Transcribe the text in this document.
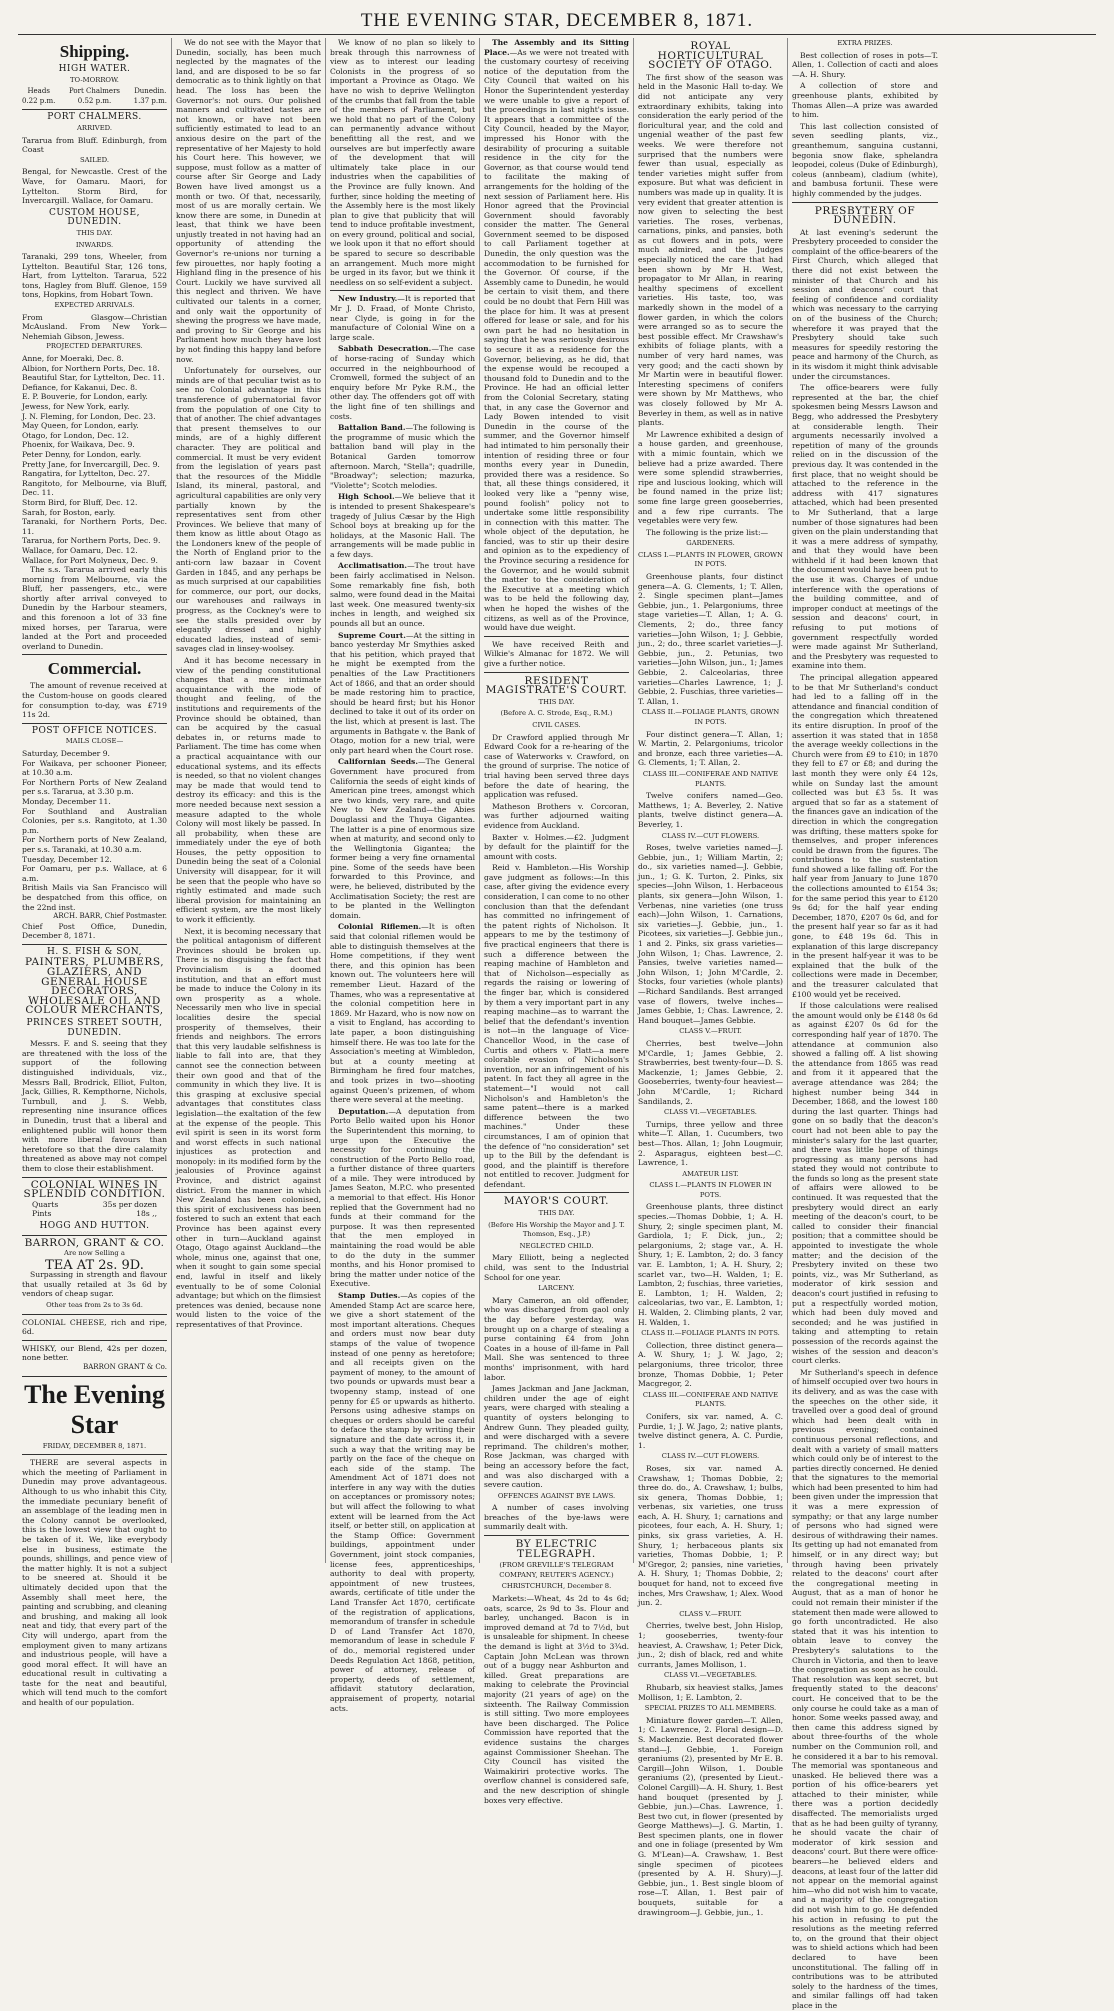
THE EVENING STAR, DECEMBER 8, 1871.
Shipping.
HIGH WATER.
TO-MORROW.
Heads
0.22 p.m.
Port Chalmers
0.52 p.m.
Dunedin.
1.37 p.m.
PORT CHALMERS.
ARRIVED.
Tararua from Bluff. Edinburgh, from Coast
SAILED.
Bengal, for Newcastle. Crest of the Wave, for Oamaru. Maori, for Lyttelton. Storm Bird, for Invercargill. Wallace, for Oamaru.
CUSTOM HOUSE, DUNEDIN.
THIS DAY.
INWARDS.
Taranaki, 299 tons, Wheeler, from Lyttelton. Beautiful Star, 126 tons, Hart, from Lyttelton. Tararua, 522 tons, Hagley from Bluff. Glenoe, 159 tons, Hopkins, from Hobart Town.
EXPECTED ARRIVALS.
From Glasgow—Christian McAusland. From New York—Nehemiah Gibson, Jewess.
PROJECTED DEPARTURES.
Anne, for Moeraki, Dec. 8.
Albion, for Northern Ports, Dec. 18.
Beautiful Star, for Lyttelton, Dec. 11.
Defiance, for Kakanui, Dec. 8.
E. P. Bouverie, for London, early.
Jewess, for New York, early.
J. N. Fleming, for London, Dec. 23.
May Queen, for London, early.
Otago, for London, Dec. 12.
Phoenix, for Waikava, Dec. 9.
Peter Denny, for London, early.
Pretty Jane, for Invercargill, Dec. 9.
Rangatira, for Lyttelton, Dec. 27.
Rangitoto, for Melbourne, via Bluff, Dec. 11.
Storm Bird, for Bluff, Dec. 12.
Sarah, for Boston, early.
Taranaki, for Northern Ports, Dec. 11.
Tararua, for Northern Ports, Dec. 9.
Wallace, for Oamaru, Dec. 12.
Wallace, for Port Molyneux, Dec. 9.

The s.s. Tararua arrived early this morning from Melbourne, via the Bluff, her passengers, etc., were shortly after arrival conveyed to Dunedin by the Harbour steamers, and this forenoon a lot of 33 fine mixed horses, per Tararua, were landed at the Port and proceeded overland to Dunedin.

Commercial.

The amount of revenue received at the Custom-house on goods cleared for consumption to-day, was £719 11s 2d.

POST OFFICE NOTICES.
MAILS CLOSE—
Saturday, December 9.
For Waikava, per schooner Pioneer, at 10.30 a.m.
For Northern Ports of New Zealand per s.s. Tararua, at 3.30 p.m.
Monday, December 11.
For Southland and Australian Colonies, per s.s. Rangitoto, at 1.30 p.m.
For Northern ports of New Zealand, per s.s. Taranaki, at 10.30 a.m.
Tuesday, December 12.
For Oamaru, per p.s. Wallace, at 6 a.m.
British Mails via San Francisco will be despatched from this office, on the 22nd inst.
ARCH. BARR, Chief Postmaster.
Chief Post Office, Dunedin, December 8, 1871.
H. S. FISH & SON,
PAINTERS, PLUMBERS, GLAZIERS, AND GENERAL HOUSE DECORATORS, WHOLESALE OIL AND COLOUR MERCHANTS,
PRINCES STREET SOUTH, DUNEDIN.

Messrs. F. and S. seeing that they are threatened with the loss of the support of the following distinguished individuals, viz., Messrs Ball, Brodrick, Elliot, Fulton, Jack, Gillies, R. Kempthorne, Nichols, Turnbull, and J. S. Webb, representing nine insurance offices in Dunedin, trust that a liberal and enlightened public will honor them with more liberal favours than heretofore so that the dire calamity threatened as above may not compel them to close their establishment.

COLONIAL WINES IN SPLENDID CONDITION.
Quarts	35s per dozen
Pints	18s ,,
HOGG AND HUTTON.
BARRON, GRANT & CO.
Are now Selling a
TEA AT 2s. 9D.

Surpassing in strength and flavour that usually retailed at 3s 6d by vendors of cheap sugar.

Other teas from 2s to 3s 6d.
COLONIAL CHEESE, rich and ripe, 6d.
WHISKY, our Blend, 42s per dozen, none better.
BARRON GRANT & Co.
The Evening Star
FRIDAY, DECEMBER 8, 1871.

THERE are several aspects in which the meeting of Parliament in Dunedin may prove advantageous. Although to us who inhabit this City, the immediate pecuniary benefit of an assemblage of the leading men in the Colony cannot be overlooked, this is the lowest view that ought to be taken of it. We, like everybody else in business, estimate the pounds, shillings, and pence view of the matter highly. It is not a subject to be sneered at. Should it be ultimately decided upon that the Assembly shall meet here, the painting and scrubbing, and cleaning and brushing, and making all look neat and tidy, that every part of the City will undergo, apart from the employment given to many artizans and industrious people, will have a good moral effect. It will have an educational result in cultivating a taste for the neat and beautiful, which will tend much to the comfort and health of our population.

We do not see with the Mayor that Dunedin, socially, has been much neglected by the magnates of the land, and are disposed to be so far democratic as to think lightly on that head. The loss has been the Governor's: not ours. Our polished manners and cultivated tastes are not known, or have not been sufficiently estimated to lead to an anxious desire on the part of the representative of her Majesty to hold his Court here. This however, we suppose, must follow as a matter of course after Sir George and Lady Bowen have lived amongst us a month or two. Of that, necessarily, most of us are morally certain. We know there are some, in Dunedin at least, that think we have been unjustly treated in not having had an opportunity of attending the Governor's re-unions nor turning a few pirouettes, nor haply footing a Highland fling in the presence of his Court. Luckily we have survived all this neglect and thriven. We have cultivated our talents in a corner, and only wait the opportunity of shewing the progress we have made, and proving to Sir George and his Parliament how much they have lost by not finding this happy land before now.

Unfortunately for ourselves, our minds are of that peculiar twist as to see no Colonial advantage in this transference of gubernatorial favor from the population of one City to that of another. The chief advantages that present themselves to our minds, are of a highly different character. They are political and commercial. It must be very evident from the legislation of years past that the resources of the Middle Island, its mineral, pastoral, and agricultural capabilities are only very partially known by the representatives sent from other Provinces. We believe that many of them know as little about Otago as the Londoners knew of the people of the North of England prior to the anti-corn law bazaar in Covent Garden in 1845, and any perhaps be as much surprised at our capabilities for commerce, our port, our docks, our warehouses and railways in progress, as the Cockney's were to see the stalls presided over by elegantly dressed and highly educated ladies, instead of semi-savages clad in linsey-woolsey.

And it has become necessary in view of the pending constitutional changes that a more intimate acquaintance with the mode of thought and feeling, of the institutions and requirements of the Province should be obtained, than can be acquired by the casual debates in, or returns made to Parliament. The time has come when a practical acquaintance with our educational systems, and its effects is needed, so that no violent changes may be made that would tend to destroy its efficacy: and this is the more needed because next session a measure adapted to the whole Colony will most likely be passed. In all probability, when these are immediately under the eye of both Houses, the petty opposition to Dunedin being the seat of a Colonial University will disappear, for it will be seen that the people who have so rightly estimated and made such liberal provision for maintaining an efficient system, are the most likely to work it efficiently.

Next, it is becoming necessary that the political antagonism of different Provinces should be broken up. There is no disguising the fact that Provincialism is a doomed institution, and that an effort must be made to induce the Colony in its own prosperity as a whole. Necessarily men who live in special localities desire the special prosperity of themselves, their friends and neighbors. The errors that this very laudable selfishness is liable to fall into are, that they cannot see the connection between their own good and that of the community in which they live. It is this grasping at exclusive special advantages that constitutes class legislation—the exaltation of the few at the expense of the people. This evil spirit is seen in its worst form and worst effects in such national injustices as protection and monopoly: in its modified form by the jealousies of Province against Province, and district against district. From the manner in which New Zealand has been colonised, this spirit of exclusiveness has been fostered to such an extent that each Province has been against every other in turn—Auckland against Otago, Otago against Auckland—the whole, minus one, against that one, when it sought to gain some special end, lawful in itself and likely eventually to be of some Colonial advantage; but which on the flimsiest pretences was denied, because none would listen to the voice of the representatives of that Province.

We know of no plan so likely to break through this narrowness of view as to interest our leading Colonists in the progress of so important a Province as Otago. We have no wish to deprive Wellington of the crumbs that fall from the table of the members of Parliament, but we hold that no part of the Colony can permanently advance without benefitting all the rest, and we ourselves are but imperfectly aware of the development that will ultimately take place in our industries when the capabilities of the Province are fully known. And further, since holding the meeting of the Assembly here is the most likely plan to give that publicity that will tend to induce profitable investment, on every ground, political and social, we look upon it that no effort should be spared to secure so describable an arrangement. Much more might be urged in its favor, but we think it needless on so self-evident a subject.

New Industry.—It is reported that Mr J. D. Fraad, of Monte Christo, near Clyde, is going in for the manufacture of Colonial Wine on a large scale.

Sabbath Desecration.—The case of horse-racing of Sunday which occurred in the neighbourhood of Cromwell, formed the subject of an enquiry before Mr Pyke R.M., the other day. The offenders got off with the light fine of ten shillings and costs.

Battalion Band.—The following is the programme of music which the battalion band will play in the Botanical Garden tomorrow afternoon. March, "Stella"; quadrille, "Broadway"; selection; mazurka, "Violette"; Scotch melodies.

High School.—We believe that it is intended to present Shakespeare's tragedy of Julius Cæsar by the High School boys at breaking up for the holidays, at the Masonic Hall. The arrangements will be made public in a few days.

Acclimatisation.—The trout have been fairly acclimatised in Nelson. Some remarkably fine fish, both salmo, were found dead in the Maitai last week. One measured twenty-six inches in length, and weighed six pounds all but an ounce.

Supreme Court.—At the sitting in banco yesterday Mr Smythies asked that his petition, which prayed that he might be exempted from the penalties of the Law Practitioners Act of 1866, and that an order should be made restoring him to practice, should be heard first; but his Honor declined to take it out of its order on the list, which at present is last. The arguments in Bathgate v. the Bank of Otago, motion for a new trial, were only part heard when the Court rose.

Californian Seeds.—The General Government have procured from California the seeds of eight kinds of American pine trees, amongst which are two kinds, very rare, and quite New to New Zealand—the Abies Douglassi and the Thuya Gigantea. The latter is a pine of enormous size when at maturity, and second only to the Wellingtonia Gigantea; the former being a very fine ornamental pine. Some of the seeds have been forwarded to this Province, and were, he believed, distributed by the Acclimatisation Society; the rest are to be planted in the Wellington domain.

Colonial Riflemen.—It is often said that colonial riflemen would be able to distinguish themselves at the Home competitions, if they went there, and this opinion has been known out. The volunteers here will remember Lieut. Hazard of the Thames, who was a representative at the colonial competition here in 1869. Mr Hazard, who is now now on a visit to England, has according to late paper, a boon distinguishing himself there. He was too late for the Association's meeting at Wimbledon, but at a county meeting at Birmingham he fired four matches, and took prizes in two—shooting against Queen's prizemen, of whom there were several at the meeting.

Deputation.—A deputation from Porto Bello waited upon his Honor the Superintendent this morning, to urge upon the Executive the necessity for continuing the construction of the Porto Bello road, a further distance of three quarters of a mile. They were introduced by James Seaton, M.P.C. who presented a memorial to that effect. His Honor replied that the Government had no funds at their command for the purpose. It was then represented that the men employed in maintaining the road would be able to do the duty in the summer months, and his Honor promised to bring the matter under notice of the Executive.

Stamp Duties.—As copies of the Amended Stamp Act are scarce here, we give a short statement of the most important alterations. Cheques and orders must now bear duty stamps of the value of twopence instead of one penny as heretofore; and all receipts given on the payment of money, to the amount of two pounds or upwards must bear a twopenny stamp, instead of one penny for £5 or upwards as hitherto. Persons using adhesive stamps on cheques or orders should be careful to deface the stamp by writing their signature and the date across it, in such a way that the writing may be partly on the face of the cheque on each side of the stamp. The Amendment Act of 1871 does not interfere in any way with the duties on acceptances or promissory notes; but will affect the following to what extent will be learned from the Act itself, or better still, on application at the Stamp Office: Government buildings, appointment under Government, joint stock companies, license fees, apprenticeships, authority to deal with property, appointment of new trustees, awards, certificate of title under the Land Transfer Act 1870, certificate of the registration of applications, memorandum of transfer in schedule D of Land Transfer Act 1870, memorandum of lease in schedule F of do., memorial registered under Deeds Regulation Act 1868, petition, power of attorney, release of property, deeds of settlement, affidavit statutory declaration, appraisement of property, notarial acts.

The Assembly and its Sitting Place.—As we were not treated with the customary courtesy of receiving notice of the deputation from the City Council that waited on his Honor the Superintendent yesterday we were unable to give a report of the proceedings in last night's issue. It appears that a committee of the City Council, headed by the Mayor, impressed his Honor with the desirability of procuring a suitable residence in the city for the Governor, as that course would tend to facilitate the making of arrangements for the holding of the next session of Parliament here. His Honor agreed that the Provincial Government should favorably consider the matter. The General Government seemed to be disposed to call Parliament together at Dunedin, the only question was the accommodation to be furnished for the Governor. Of course, if the Assembly came to Dunedin, he would be certain to visit them, and there could be no doubt that Fern Hill was the place for him. It was at present offered for lease or sale, and for his own part he had no hesitation in saying that he was seriously desirous to secure it as a residence for the Governor, believing, as he did, that the expense would be recouped a thousand fold to Dunedin and to the Province. He had an official letter from the Colonial Secretary, stating that, in any case the Governor and Lady Bowen intended to visit Dunedin in the course of the summer, and the Governor himself had intimated to him personally their intention of residing three or four months every year in Dunedin, provided there was a residence. So that, all these things considered, it looked very like a "penny wise, pound foolish" policy not to undertake some little responsibility in connection with this matter. The whole object of the deputation, he fancied, was to stir up their desire and opinion as to the expediency of the Province securing a residence for the Governor, and he would submit the matter to the consideration of the Executive at a meeting which was to be held the following day, when he hoped the wishes of the citizens, as well as of the Province, would have due weight.

We have received Reith and Wilkie's Almanac for 1872. We will give a further notice.

RESIDENT MAGISTRATE'S COURT.
THIS DAY.
(Before A. C. Strode, Esq., R.M.)
CIVIL CASES.

Dr Crawford applied through Mr Edward Cook for a re-hearing of the case of Waterworks v. Crawford, on the ground of surprise. The notice of trial having been served three days before the date of hearing, the application was refused.

Matheson Brothers v. Corcoran, was further adjourned waiting evidence from Auckland.

Baxter v. Holmes.—£2. Judgment by default for the plaintiff for the amount with costs.

Reid v. Hambleton.—His Worship gave judgment as follows:—In this case, after giving the evidence every consideration, I can come to no other conclusion than that the defendant has committed no infringement of the patent rights of Nicholson. It appears to me by the testimony of five practical engineers that there is such a difference between the reaping machine of Hambleton and that of Nicholson—especially as regards the raising or lowering of the finger bar, which is considered by them a very important part in any reaping machine—as to warrant the belief that the defendant's invention is not—in the language of Vice-Chancellor Wood, in the case of Curtis and others v. Platt—a mere colorable evasion of Nicholson's invention, nor an infringement of his patent. In fact they all agree in the statement—"I would not call Nicholson's and Hambleton's the same patent—there is a marked difference between the two machines." Under these circumstances, I am of opinion that the defence of "no consideration" set up to the Bill by the defendant is good, and the plaintiff is therefore not entitled to recover. Judgment for defendant.

MAYOR'S COURT.
THIS DAY.
(Before His Worship the Mayor and J. T. Thomson, Esq., J.P.)
NEGLECTED CHILD.

Mary Elliott, being a neglected child, was sent to the Industrial School for one year.

LARCENY.

Mary Cameron, an old offender, who was discharged from gaol only the day before yesterday, was brought up on a charge of stealing a purse containing £4 from John Coates in a house of ill-fame in Pall Mall. She was sentenced to three months' imprisonment, with hard labor.

James Jackman and Jane Jackman, children under the age of eight years, were charged with stealing a quantity of oysters belonging to Andrew Gunn. They pleaded guilty, and were discharged with a severe reprimand. The children's mother, Rose Jackman, was charged with being an accessory before the fact, and was also discharged with a severe caution.

OFFENCES AGAINST BYE LAWS.

A number of cases involving breaches of the bye-laws were summarily dealt with.

BY ELECTRIC TELEGRAPH.
(FROM GREVILLE'S TELEGRAM COMPANY, REUTER'S AGENCY.)
CHRISTCHURCH, December 8.

Markets:—Wheat, 4s 2d to 4s 6d; oats, scarce, 2s 9d to 3s. Flour and barley, unchanged. Bacon is in improved demand at 7d to 7½d, but is unsaleable for shipment. In cheese the demand is light at 3½d to 3¾d. Captain John McLean was thrown out of a buggy near Ashburton and killed. Great preparations are making to celebrate the Provincial majority (21 years of age) on the sixteenth. The Railway Commission is still sitting. Two more employees have been discharged. The Police Commission have reported that the evidence sustains the charges against Commissioner Sheehan. The City Council has visited the Waimakiriri protective works. The overflow channel is considered safe, and the new description of shingle boxes very effective.

ROYAL HORTICULTURAL SOCIETY OF OTAGO.

The first show of the season was held in the Masonic Hall to-day. We did not anticipate any very extraordinary exhibits, taking into consideration the early period of the floricultural year, and the cold and ungenial weather of the past few weeks. We were therefore not surprised that the numbers were fewer than usual, especially as tender varieties might suffer from exposure. But what was deficient in numbers was made up in quality. It is very evident that greater attention is now given to selecting the best varieties. The roses, verbenas, carnations, pinks, and pansies, both as cut flowers and in pots, were much admired, and the Judges especially noticed the care that had been shown by Mr H. West, propagator to Mr Allan, in rearing healthy specimens of excellent varieties. His taste, too, was markedly shown in the model of a flower garden, in which the colors were arranged so as to secure the best possible effect. Mr Crawshaw's exhibits of foliage plants, with a number of very hard names, was very good; and the cacti shown by Mr Martin were in beautiful flower. Interesting specimens of conifers were shown by Mr Matthews, who was closely followed by Mr A. Beverley in them, as well as in native plants.

Mr Lawrence exhibited a design of a house garden, and greenhouse, with a mimic fountain, which we believe had a prize awarded. There were some splendid strawberries, ripe and luscious looking, which will be found named in the prize list; some fine large green gooseberries, and a few ripe currants. The vegetables were very few.

The following is the prize list:—

GARDENERS.
CLASS I.—PLANTS IN FLOWER, GROWN IN POTS.

Greenhouse plants, four distinct genera—A. G. Clements, 1; T. Allen, 2. Single specimen plant—James Gebbie, jun., 1. Pelargoniums, three stage varieties—T. Allan, 1; A. G. Clements, 2; do., three fancy varieties—John Wilson, 1; J. Gebbie, jun., 2; do., three scarlet varieties—J. Gebbie, jun., 2. Petunias, two varieties—John Wilson, jun., 1; James Gebbie, 2. Calceolarias, three varieties—Charles Lawrence, 1; J. Gebbie, 2. Fuschias, three varieties—T. Allan, 1.

CLASS II.—FOLIAGE PLANTS, GROWN IN POTS.

Four distinct genera—T. Allan, 1; W. Martin, 2. Pelargoniums, tricolor and bronze, each three varieties—A. G. Clements, 1; T. Allan, 2.

CLASS III.—CONIFERAE AND NATIVE PLANTS.

Twelve conifers named—Geo. Matthews, 1; A. Beverley, 2. Native plants, twelve distinct genera—A. Beverley, 1.

CLASS IV.—CUT FLOWERS.

Roses, twelve varieties named—J. Gebbie, jun., 1; William Martin, 2; do., six varieties named—J. Gebbie, jun., 1; G. K. Turton, 2. Pinks, six species—John Wilson, 1. Herbaceous plants, six genera—John Wilson, 1. Verbenas, nine varieties (one truss each)—John Wilson, 1. Carnations, six varieties—J. Gebbie, jun., 1. Picotees, six varieties—J. Gebbie jun., 1 and 2. Pinks, six grass varieties—John Wilson, 1; Chas. Lawrence, 2. Pansies, twelve varieties named—John Wilson, 1; John M'Cardle, 2. Stocks, four varieties (whole plants)—Richard Sandilands. Best arranged vase of flowers, twelve inches—James Gebbie, 1; Chas. Lawrence, 2. Hand bouquet—James Gebbie.

CLASS V.—FRUIT.

Cherries, best twelve—John M'Cardle, 1; James Gebbie, 2. Strawberries, best twenty-four—D. S. Mackenzie, 1; James Gebbie, 2. Gooseberries, twenty-four heaviest—John M'Cardle, 1; Richard Sandilands, 2.

CLASS VI.—VEGETABLES.

Turnips, three yellow and three white—T. Allan, 1. Cucumbers, two best—Thos. Allan, 1; John Lougmuir, 2. Asparagus, eighteen best—C. Lawrence, 1.

AMATEUR LIST.
CLASS I.—PLANTS IN FLOWER IN POTS.

Greenhouse plants, three distinct species.—Thomas Dobbie, 1; A. H. Shury, 2; single specimen plant, M. Gardiola, 1; F. Dick, jun., 2; pelargoniums, 2; stage var., A. H. Shury, 1; E. Lambton, 2; do. 3 fancy var. E. Lambton, 1; A. H. Shury, 2; scarlet var., two—H. Walden, 1; E. Lambton, 2; fuschias, three varieties, E. Lambton, 1; H. Walden, 2; calceolarias, two var., E. Lambton, 1; H. Walden, 2. Climbing plants, 2 var, H. Walden, 1.

CLASS II.—FOLIAGE PLANTS IN POTS.

Collection, three distinct genera—A. W. Shury, 1; J. W. Jago, 2; pelargoniums, three tricolor, three bronze, Thomas Dobbie, 1; Peter Macgregor, 2.

CLASS III.—CONIFERAE AND NATIVE PLANTS.

Conifers, six var. named, A. C. Purdie, 1; J. W. Jago, 2; native plants, twelve distinct genera, A. C. Purdie, 1.

CLASS IV.—CUT FLOWERS.

Roses, six var. named A. Crawshaw, 1; Thomas Dobbie, 2; three do. do., A. Crawshaw, 1; bulbs, six genera, Thomas Dobbie, 1; verbenas, six varieties, one truss each, A. H. Shury, 1; carnations and picotees, four each, A. H. Shury, 1; pinks, six grass varieties, A. H. Shury, 1; herbaceous plants six varieties, Thomas Dobbie, 1; P. M'Gregor, 2; pansies, nine varieties, A. H. Shury, 1; Thomas Dobbie, 2; bouquet for hand, not to exceed five inches, Mrs Crawshaw, 1; Alex. Wood jun. 2.

CLASS V.—FRUIT.

Cherries, twelve best, John Hislop, 1; gooseberries, twenty-four heaviest, A. Crawshaw, 1; Peter Dick, jun., 2; dish of black, red and white currants, James Mollison, 1.

CLASS VI.—VEGETABLES.

Rhubarb, six heaviest stalks, James Mollison, 1; E. Lambton, 2.

SPECIAL PRIZES TO ALL MEMBERS.

Miniature flower garden—T. Allen, 1; C. Lawrence, 2. Floral design—D. S. Mackenzie. Best decorated flower stand—J. Gebbie, 1. Foreign geraniums (2), presented by Mr E. B. Cargill—John Wilson, 1. Double geraniums (2), (presented by Lieut.-Colonel Cargill)—A. H. Shury, 1. Best hand bouquet (presented by J. Gebbie, jun.)—Chas. Lawrence, 1. Best two cut, in flower (presented by George Matthews)—J. G. Martin, 1. Best specimen plants, one in flower and one in foliage (presented by Wm G. M'Lean)—A. Crawshaw, 1. Best single specimen of picotees (presented by A. H. Shury)—J. Gebbie, jun., 1. Best single bloom of rose—T. Allan, 1. Best pair of bouquets, suitable for a drawingroom—J. Gebbie, jun., 1.

EXTRA PRIZES.

Best collection of roses in pots—T. Allen, 1. Collection of cacti and aloes—A. H. Shury.

A collection of store and greenhouse plants, exhibited by Thomas Allen—A prize was awarded to him.

This last collection consisted of seven seedling plants, viz., greanthemum, sanguina custanni, begonia snow flake, sphelandra leopodei, coleus (Duke of Edinburgh), coleus (annbeam), cladium (white), and bambusa fortunii. These were highly commended by the judges.

PRESBYTERY OF DUNEDIN.

At last evening's sederunt the Presbytery proceeded to consider the complaint of the office-bearers of the First Church, which alleged that there did not exist between the minister of that Church and his session and deacons' court that feeling of confidence and cordiality which was necessary to the carrying on of the business of the Church; wherefore it was prayed that the Presbytery should take such measures for speedily restoring the peace and harmony of the Church, as in its wisdom it might think advisable under the circumstances.

The office-bearers were fully represented at the bar, the chief spokesmen being Messrs Lawson and Begg, who addressed the Presbytery at considerable length. Their arguments necessarily involved a repetition of many of the grounds relied on in the discussion of the previous day. It was contended in the first place, that no weight should be attached to the reference in the address with 417 signatures attached, which had been presented to Mr Sutherland, that a large number of those signatures had been given on the plain understanding that it was a mere address of sympathy, and that they would have been withheld if it had been known that the document would have been put to the use it was. Charges of undue interference with the operations of the building committee, and of improper conduct at meetings of the session and deacons' court, in refusing to put motions of government respectfully worded were made against Mr Sutherland, and the Presbytery was requested to examine into them.

The principal allegation appeared to be that Mr Sutherland's conduct had led to a falling off in the attendance and financial condition of the congregation which threatened its entire disruption. In proof of the assertion it was stated that in 1858 the average weekly collections in the Church were from £9 to £10; in 1870 they fell to £7 or £8; and during the last month they were only £4 12s, while on Sunday last the amount collected was but £3 5s. It was argued that so far as a statement of the finances gave an indication of the direction in which the congregation was drifting, these matters spoke for themselves, and proper inferences could be drawn from the figures. The contributions to the sustentation fund showed a like falling off. For the half year from January to June 1870 the collections amounted to £154 3s; for the same period this year to £120 9s 6d; for the half year ending December, 1870, £207 0s 6d, and for the present half year so far as it had gone, to £48 19s 6d. This in explanation of this large discrepancy in the present half-year it was to be explained that the bulk of the collections were made in December, and the treasurer calculated that £100 would yet be received.

If those calculations were realised the amount would only be £148 0s 6d as against £207 0s 6d for the corresponding half year of 1870. The attendance at communion also showed a falling off. A list showing the attendance from 1865 was read and from it it appeared that the average attendance was 284; the highest number being 344 in December, 1868, and the lowest 180 during the last quarter. Things had gone on so badly that the deacon's court had not been able to pay the minister's salary for the last quarter, and there was little hope of things progressing as many persons had stated they would not contribute to the funds so long as the present state of affairs were allowed to be continued. It was requested that the presbytery would direct an early meeting of the deacon's court, to be called to consider their financial position; that a committee should be appointed to investigate the whole matter; and the decision of the Presbytery invited on these two points, viz., was Mr Sutherland, as moderator of kirk session and deacon's court justified in refusing to put a respectfully worded motion, which had been duly moved and seconded; and he was justified in taking and attempting to retain possession of the records against the wishes of the session and deacon's court clerks.

Mr Sutherland's speech in defence of himself occupied over two hours in its delivery, and as was the case with the speeches on the other side, it travelled over a good deal of ground which had been dealt with in previous evening; contained continuous personal reflections, and dealt with a variety of small matters which could only be of interest to the parties directly concerned. He denied that the signatures to the memorial which had been presented to him had been given under the impression that it was a mere expression of sympathy; or that any large number of persons who had signed were desirous of withdrawing their names. Its getting up had not emanated from himself, or in any direct way; but through having been privately related to the deacons' court after the congregational meeting in August, that as a man of honor he could not remain their minister if the statement then made were allowed to go forth uncontradicted. He also stated that it was his intention to obtain leave to convey the Presbytery's salutations to the Church in Victoria, and then to leave the congregation as soon as he could. That resolution was kept secret, but frequently stated to the deacons' court. He conceived that to be the only course he could take as a man of honor. Some weeks passed away, and then came this address signed by about three-fourths of the whole number on the Communion roll, and he considered it a bar to his removal. The memorial was spontaneous and unasked. He believed there was a portion of his office-bearers yet attached to their minister, while there was a portion decidedly disaffected. The memorialists urged that as he had been guilty of tyranny, he should vacate the chair of moderator of kirk session and deacons' court. But there were office-bearers—he believed elders and deacons, at least four of the latter did not appear on the memorial against him—who did not wish him to vacate, and a majority of the congregation did not wish him to go. He defended his action in refusing to put the resolutions as the meeting referred to, on the ground that their object was to shield actions which had been declared to have been unconstitutional. The falling off in contributions was to be attributed solely to the hardness of the times, and similar fallings off had taken place in the
